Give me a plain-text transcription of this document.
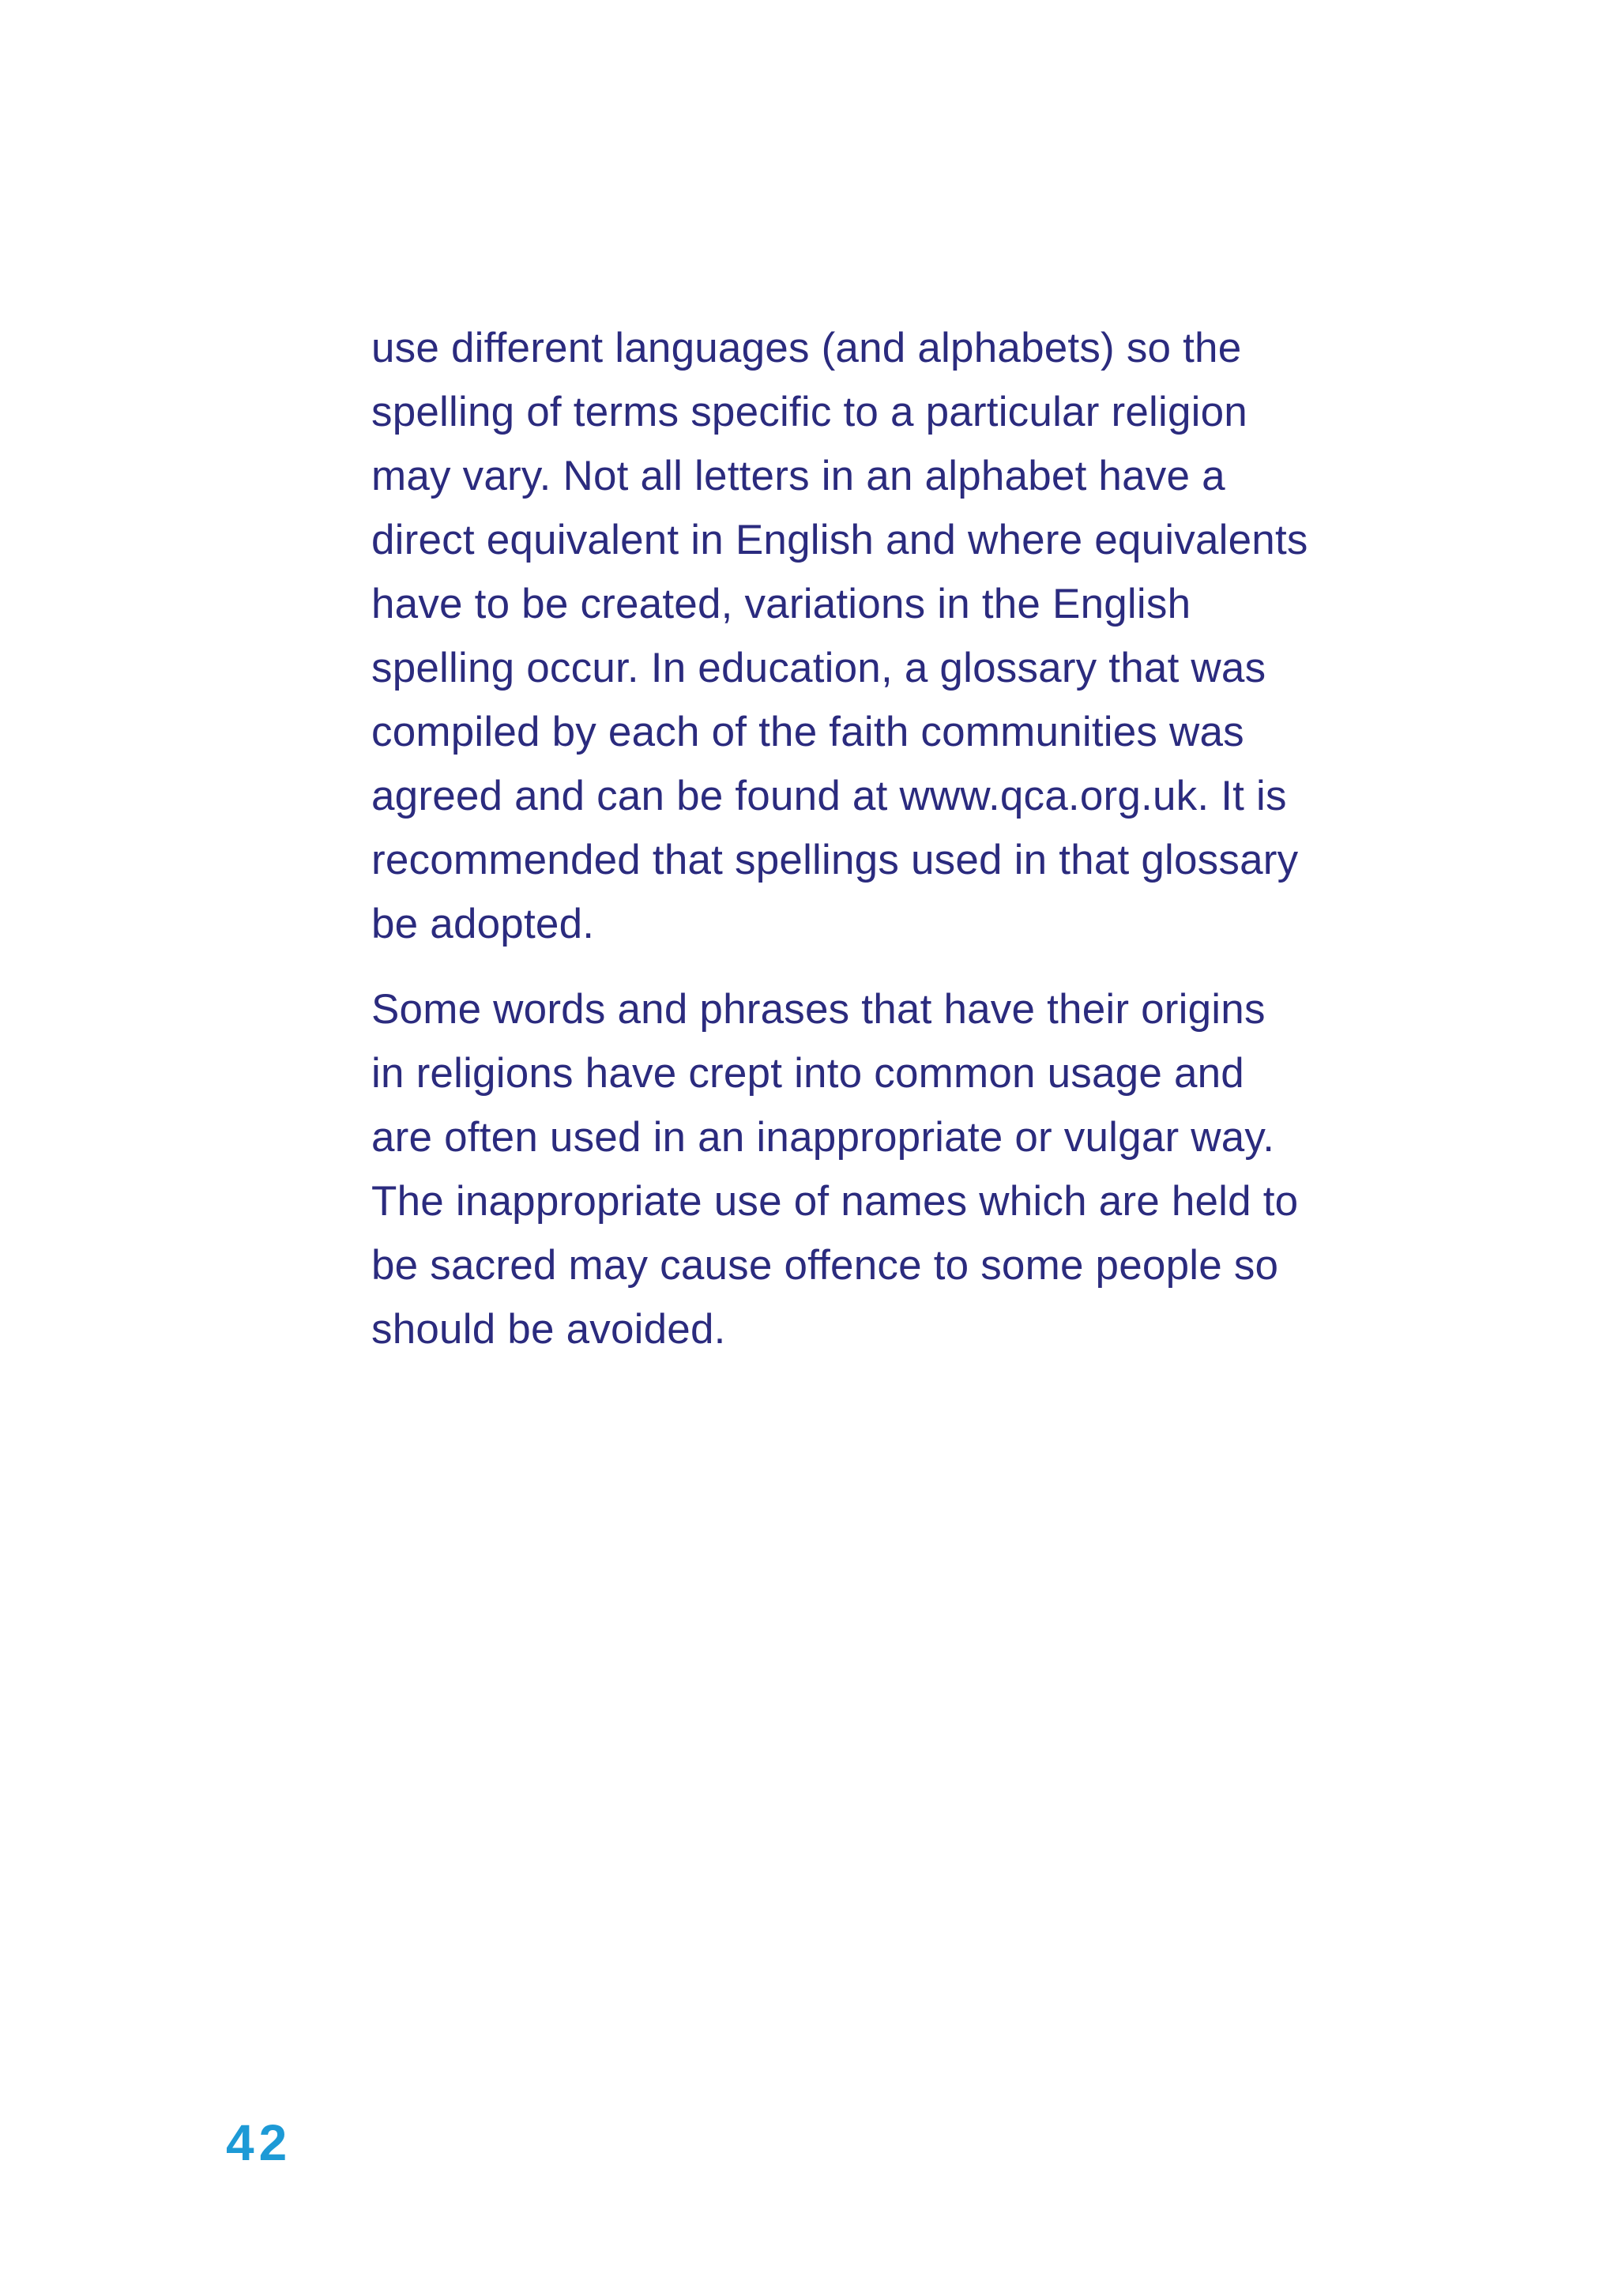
use different languages (and alphabets) so the
spelling of terms specific to a particular religion
may vary. Not all letters in an alphabet have a
direct equivalent in English and where equivalents
have to be created, variations in the English
spelling occur. In education, a glossary that was
compiled by each of the faith communities was
agreed and can be found at www.qca.org.uk. It is
recommended that spellings used in that glossary
be adopted.

Some words and phrases that have their origins
in religions have crept into common usage and
are often used in an inappropriate or vulgar way.
The inappropriate use of names which are held to
be sacred may cause offence to some people so
should be avoided.

42
